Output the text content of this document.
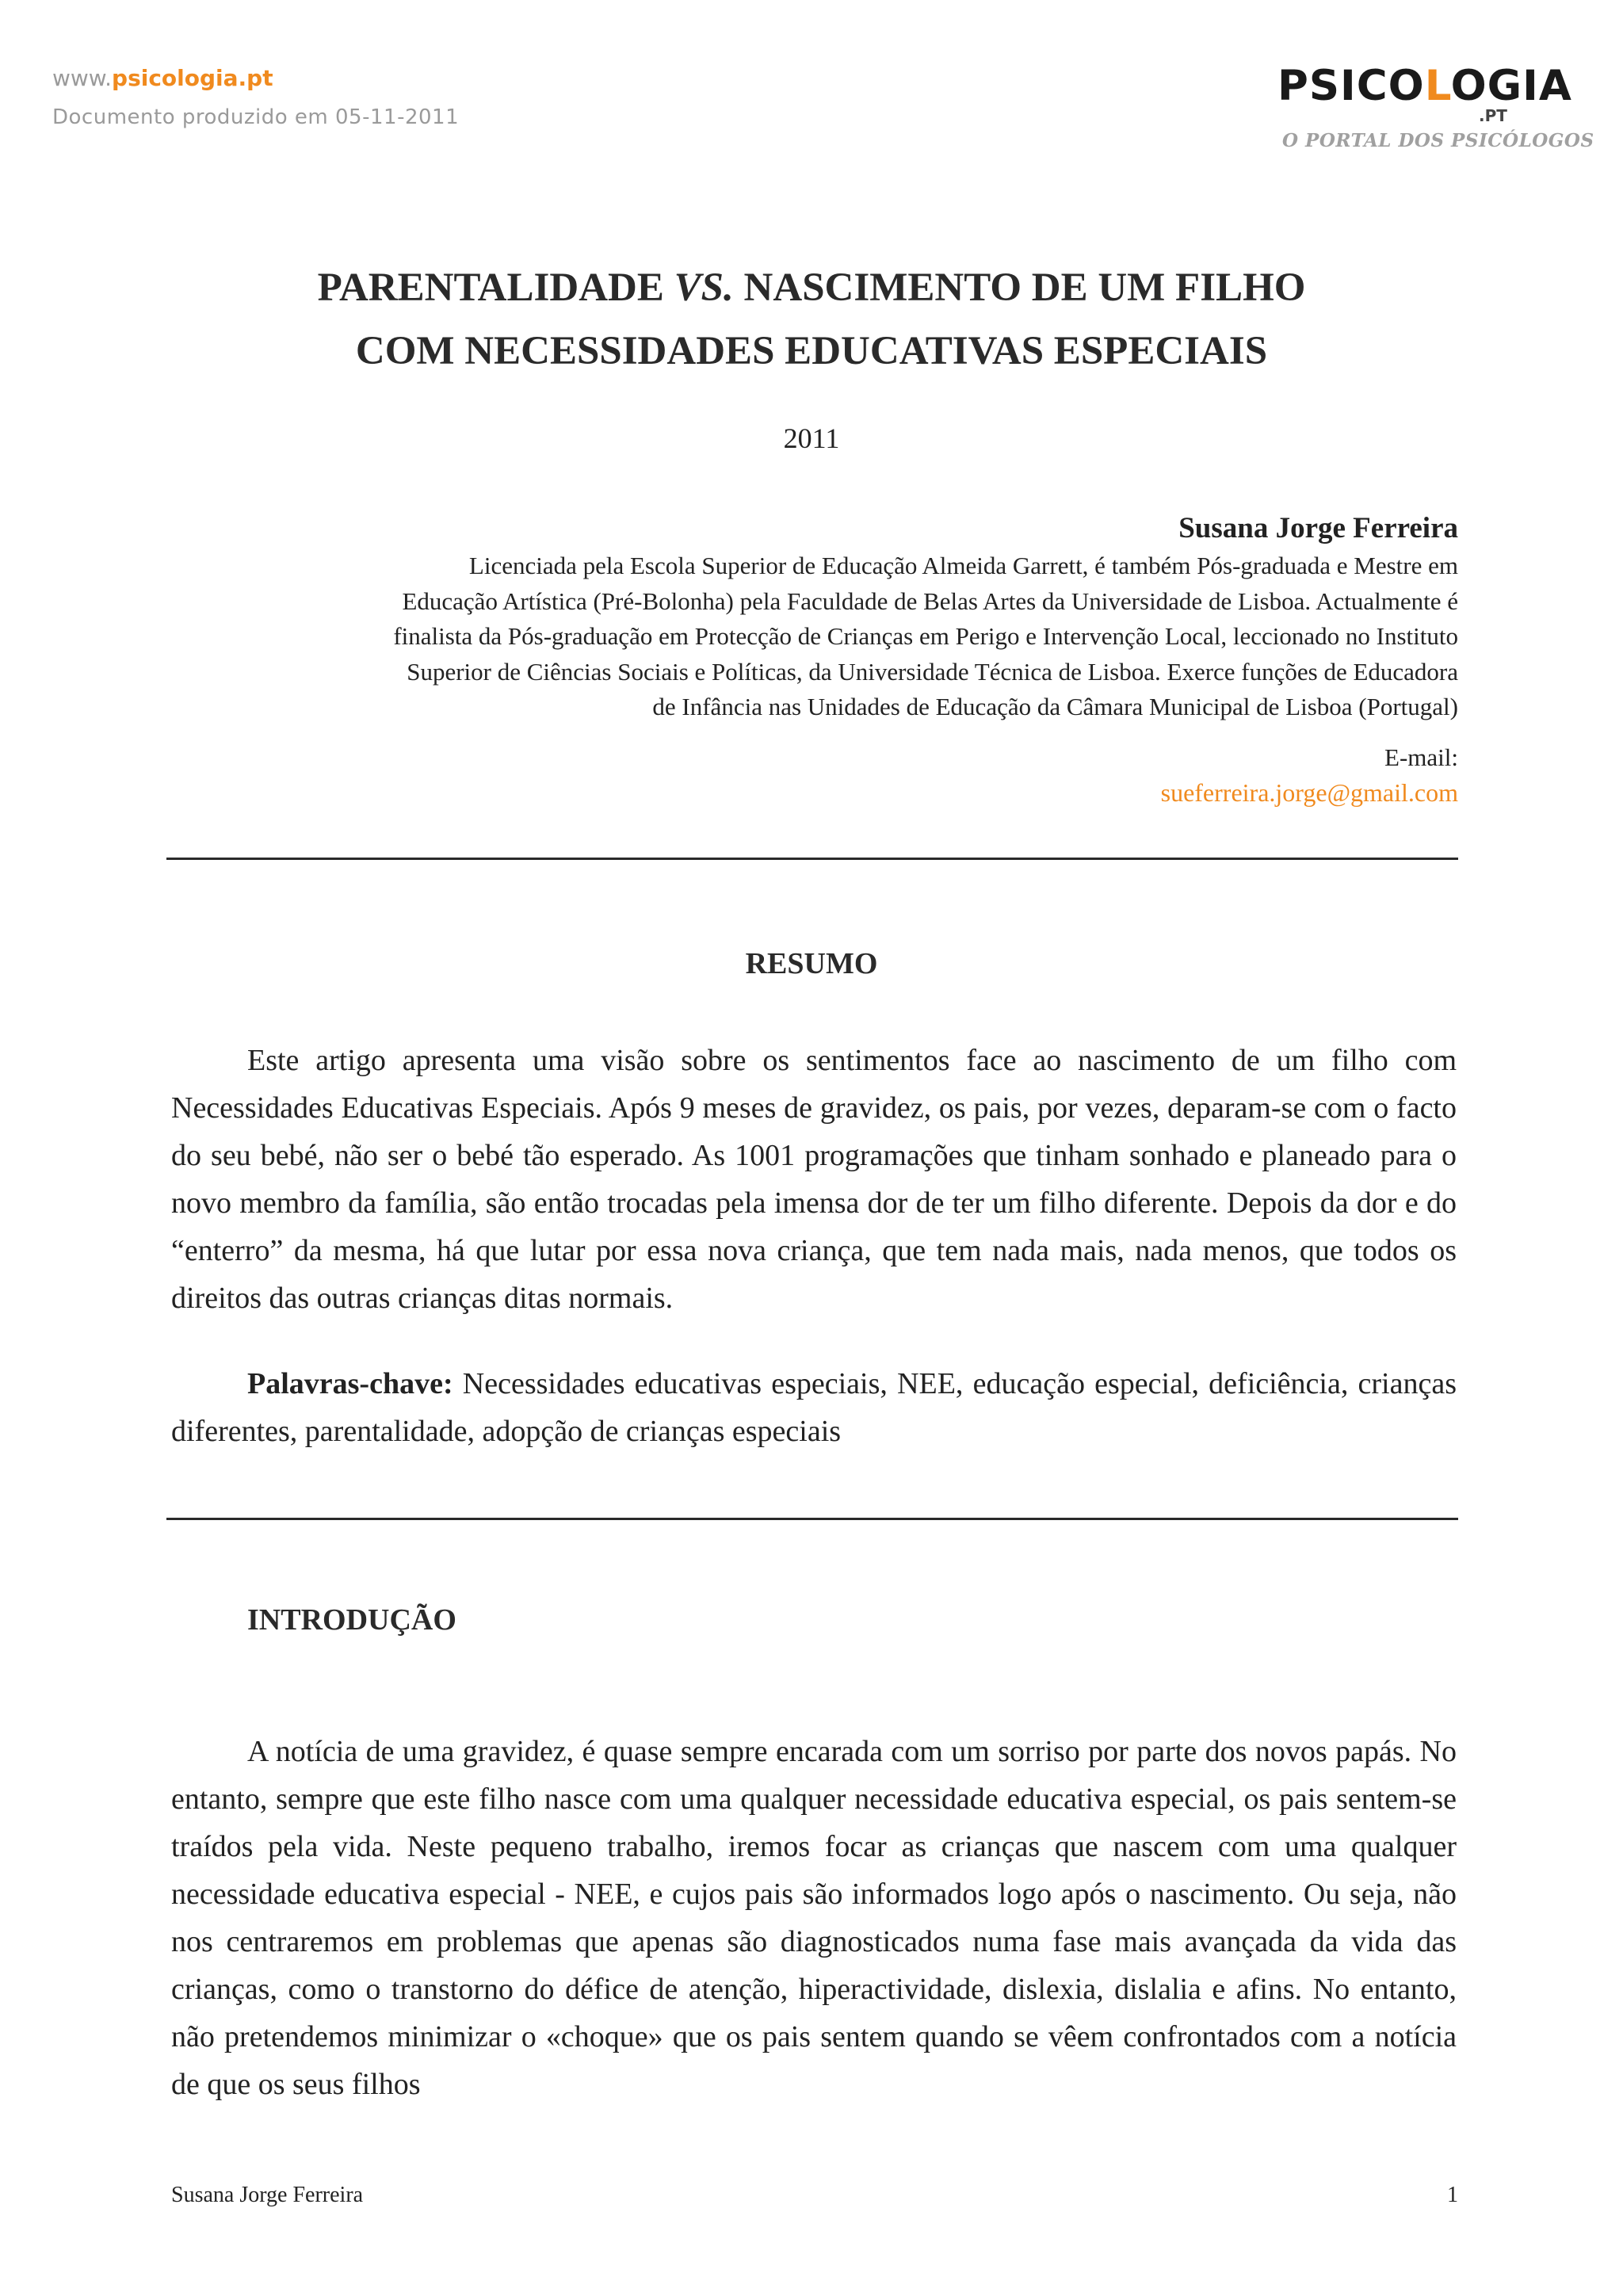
www.psicologia.pt
Documento produzido em 05-11-2011
PSICOLOGIA
.PT
O PORTAL DOS PSICÓLOGOS
PARENTALIDADE VS. NASCIMENTO DE UM FILHO
COM NECESSIDADES EDUCATIVAS ESPECIAIS
2011
Susana Jorge Ferreira
Licenciada pela Escola Superior de Educação Almeida Garrett, é também Pós-graduada e Mestre em
Educação Artística (Pré-Bolonha) pela Faculdade de Belas Artes da Universidade de Lisboa. Actualmente é
finalista da Pós-graduação em Protecção de Crianças em Perigo e Intervenção Local, leccionado no Instituto
Superior de Ciências Sociais e Políticas, da Universidade Técnica de Lisboa. Exerce funções de Educadora
de Infância nas Unidades de Educação da Câmara Municipal de Lisboa (Portugal)
E-mail:
sueferreira.jorge@gmail.com
RESUMO
Este artigo apresenta uma visão sobre os sentimentos face ao nascimento de um filho com Necessidades Educativas Especiais. Após 9 meses de gravidez, os pais, por vezes, deparam-se com o facto do seu bebé, não ser o bebé tão esperado. As 1001 programações que tinham sonhado e planeado para o novo membro da família, são então trocadas pela imensa dor de ter um filho diferente. Depois da dor e do “enterro” da mesma, há que lutar por essa nova criança, que tem nada mais, nada menos, que todos os direitos das outras crianças ditas normais.
Palavras-chave: Necessidades educativas especiais, NEE, educação especial, deficiência, crianças diferentes, parentalidade, adopção de crianças especiais
INTRODUÇÃO
A notícia de uma gravidez, é quase sempre encarada com um sorriso por parte dos novos papás. No entanto, sempre que este filho nasce com uma qualquer necessidade educativa especial, os pais sentem-se traídos pela vida. Neste pequeno trabalho, iremos focar as crianças que nascem com uma qualquer necessidade educativa especial - NEE, e cujos pais são informados logo após o nascimento. Ou seja, não nos centraremos em problemas que apenas são diagnosticados numa fase mais avançada da vida das crianças, como o transtorno do défice de atenção, hiperactividade, dislexia, dislalia e afins. No entanto, não pretendemos minimizar o «choque» que os pais sentem quando se vêem confrontados com a notícia de que os seus filhos
Susana Jorge Ferreira	1
